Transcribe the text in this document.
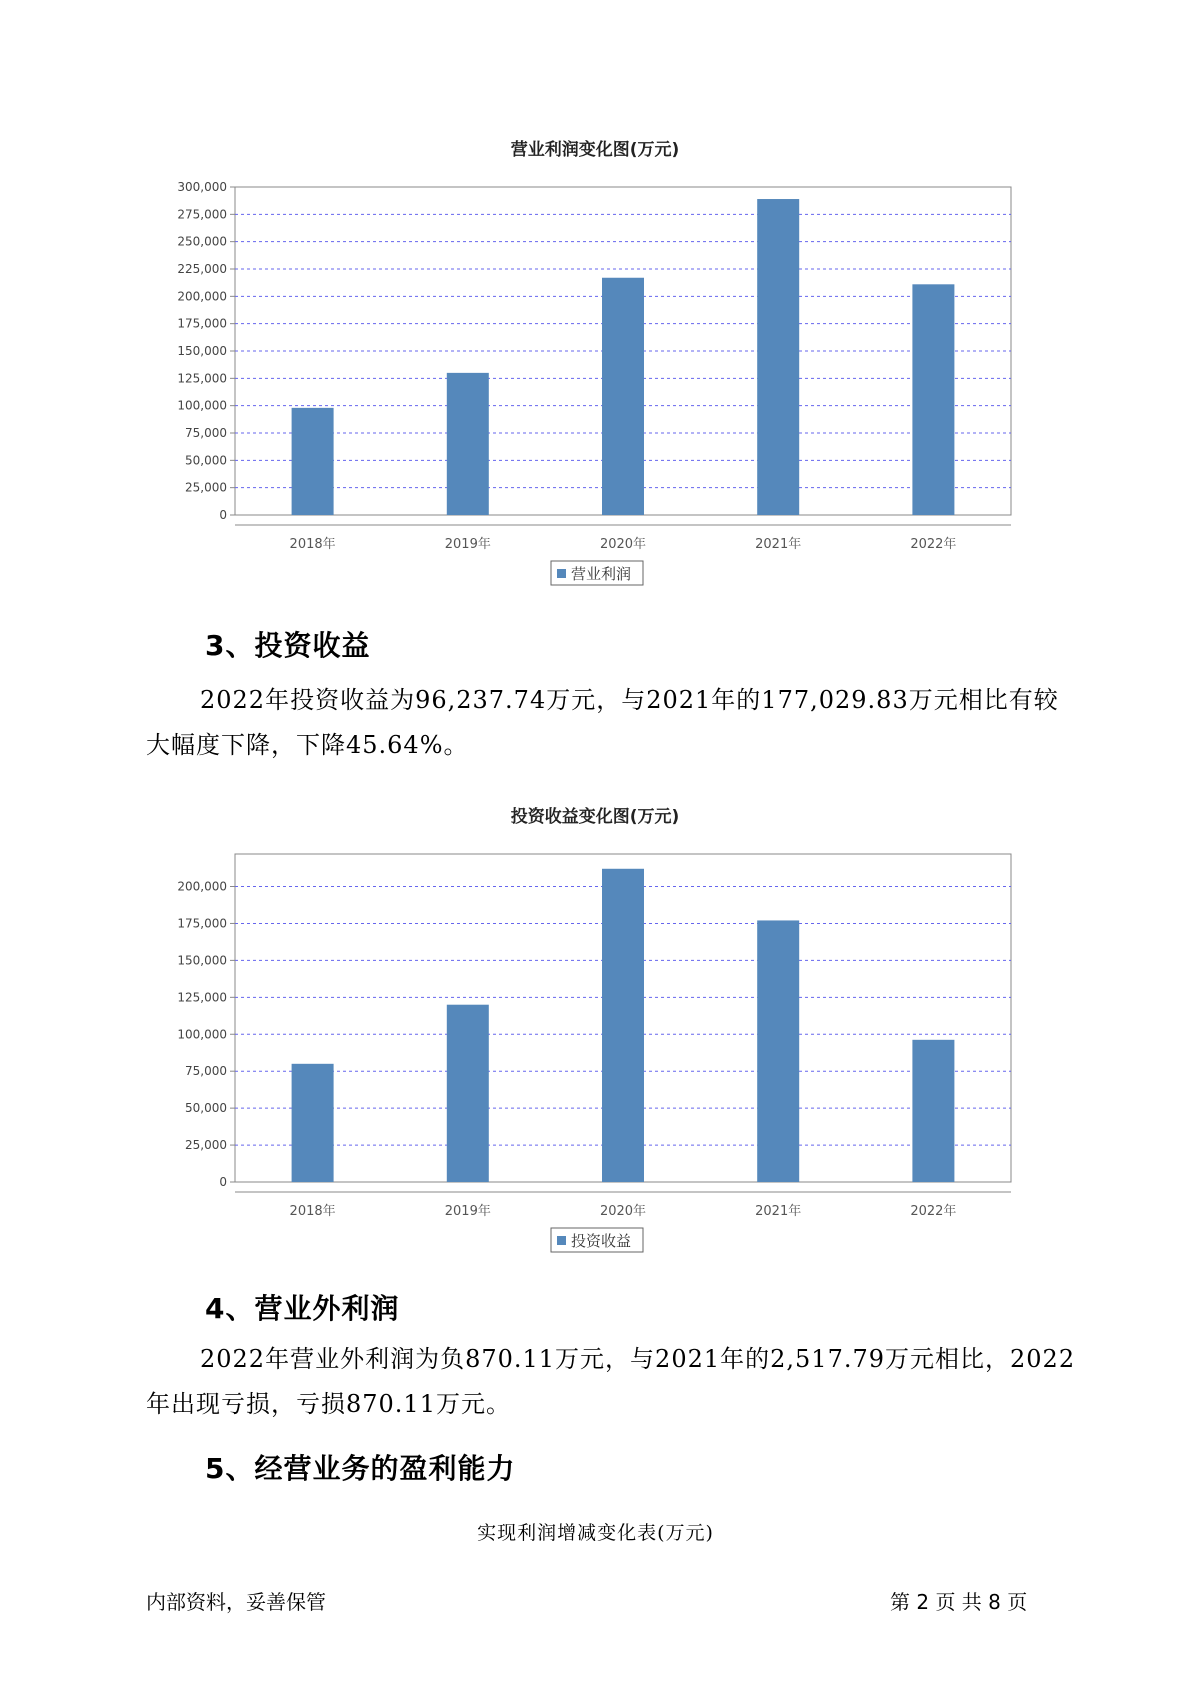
营业利润变化图(万元)
0
25,000
50,000
75,000
100,000
125,000
150,000
175,000
200,000
225,000
250,000
275,000
300,000
2018年	2019年	2020年	2021年	2022年
营业利润
3、投资收益

2022年投资收益为96,237.74万元，与2021年的177,029.83万元相比有较大幅度下降，下降45.64%。

投资收益变化图(万元)
0
25,000
50,000
75,000
100,000
125,000
150,000
175,000
200,000
2018年	2019年	2020年	2021年	2022年
投资收益
4、营业外利润

2022年营业外利润为负870.11万元，与2021年的2,517.79万元相比，2022年出现亏损，亏损870.11万元。

5、经营业务的盈利能力

实现利润增减变化表(万元)

内部资料，妥善保管	第 2 页 共 8 页
